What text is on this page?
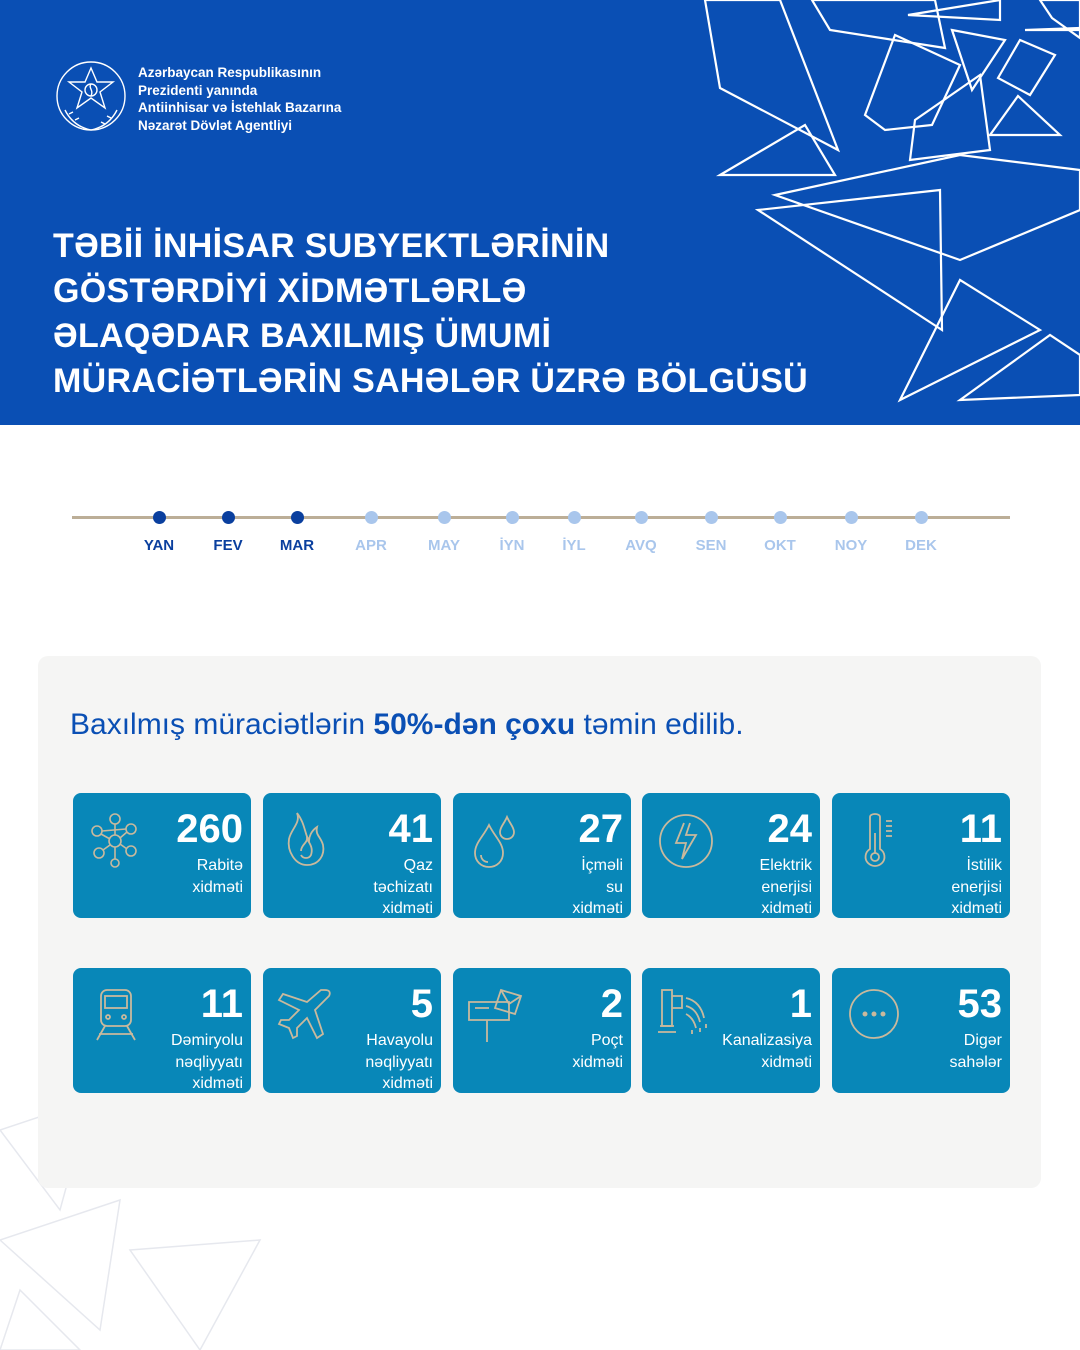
Azərbaycan Respublikasının
Prezidenti yanında
Antiinhisar və İstehlak Bazarına
Nəzarət Dövlət Agentliyi
TƏBİİ İNHİSAR SUBYEKTLƏRİNİN
GÖSTƏRDİYİ XİDMƏTLƏRLƏ
ƏLAQƏDAR BAXILMIŞ ÜMUMİ
MÜRACİƏTLƏRİN SAHƏLƏR ÜZRƏ BÖLGÜSÜ
YAN	FEV	MAR	APR	MAY	İYN	İYL	AVQ	SEN	OKT	NOY	DEK
Baxılmış müraciətlərin 50%-dən çoxu təmin edilib.
260
Rabitə
xidməti
41
Qaz
təchizatı
xidməti
27
İçməli
su
xidməti
24
Elektrik
enerjisi
xidməti
11
İstilik
enerjisi
xidməti
11
Dəmiryolu
nəqliyyatı
xidməti
5
Havayolu
nəqliyyatı
xidməti
2
Poçt
xidməti
1
Kanalizasiya
xidməti
53
Digər
sahələr
